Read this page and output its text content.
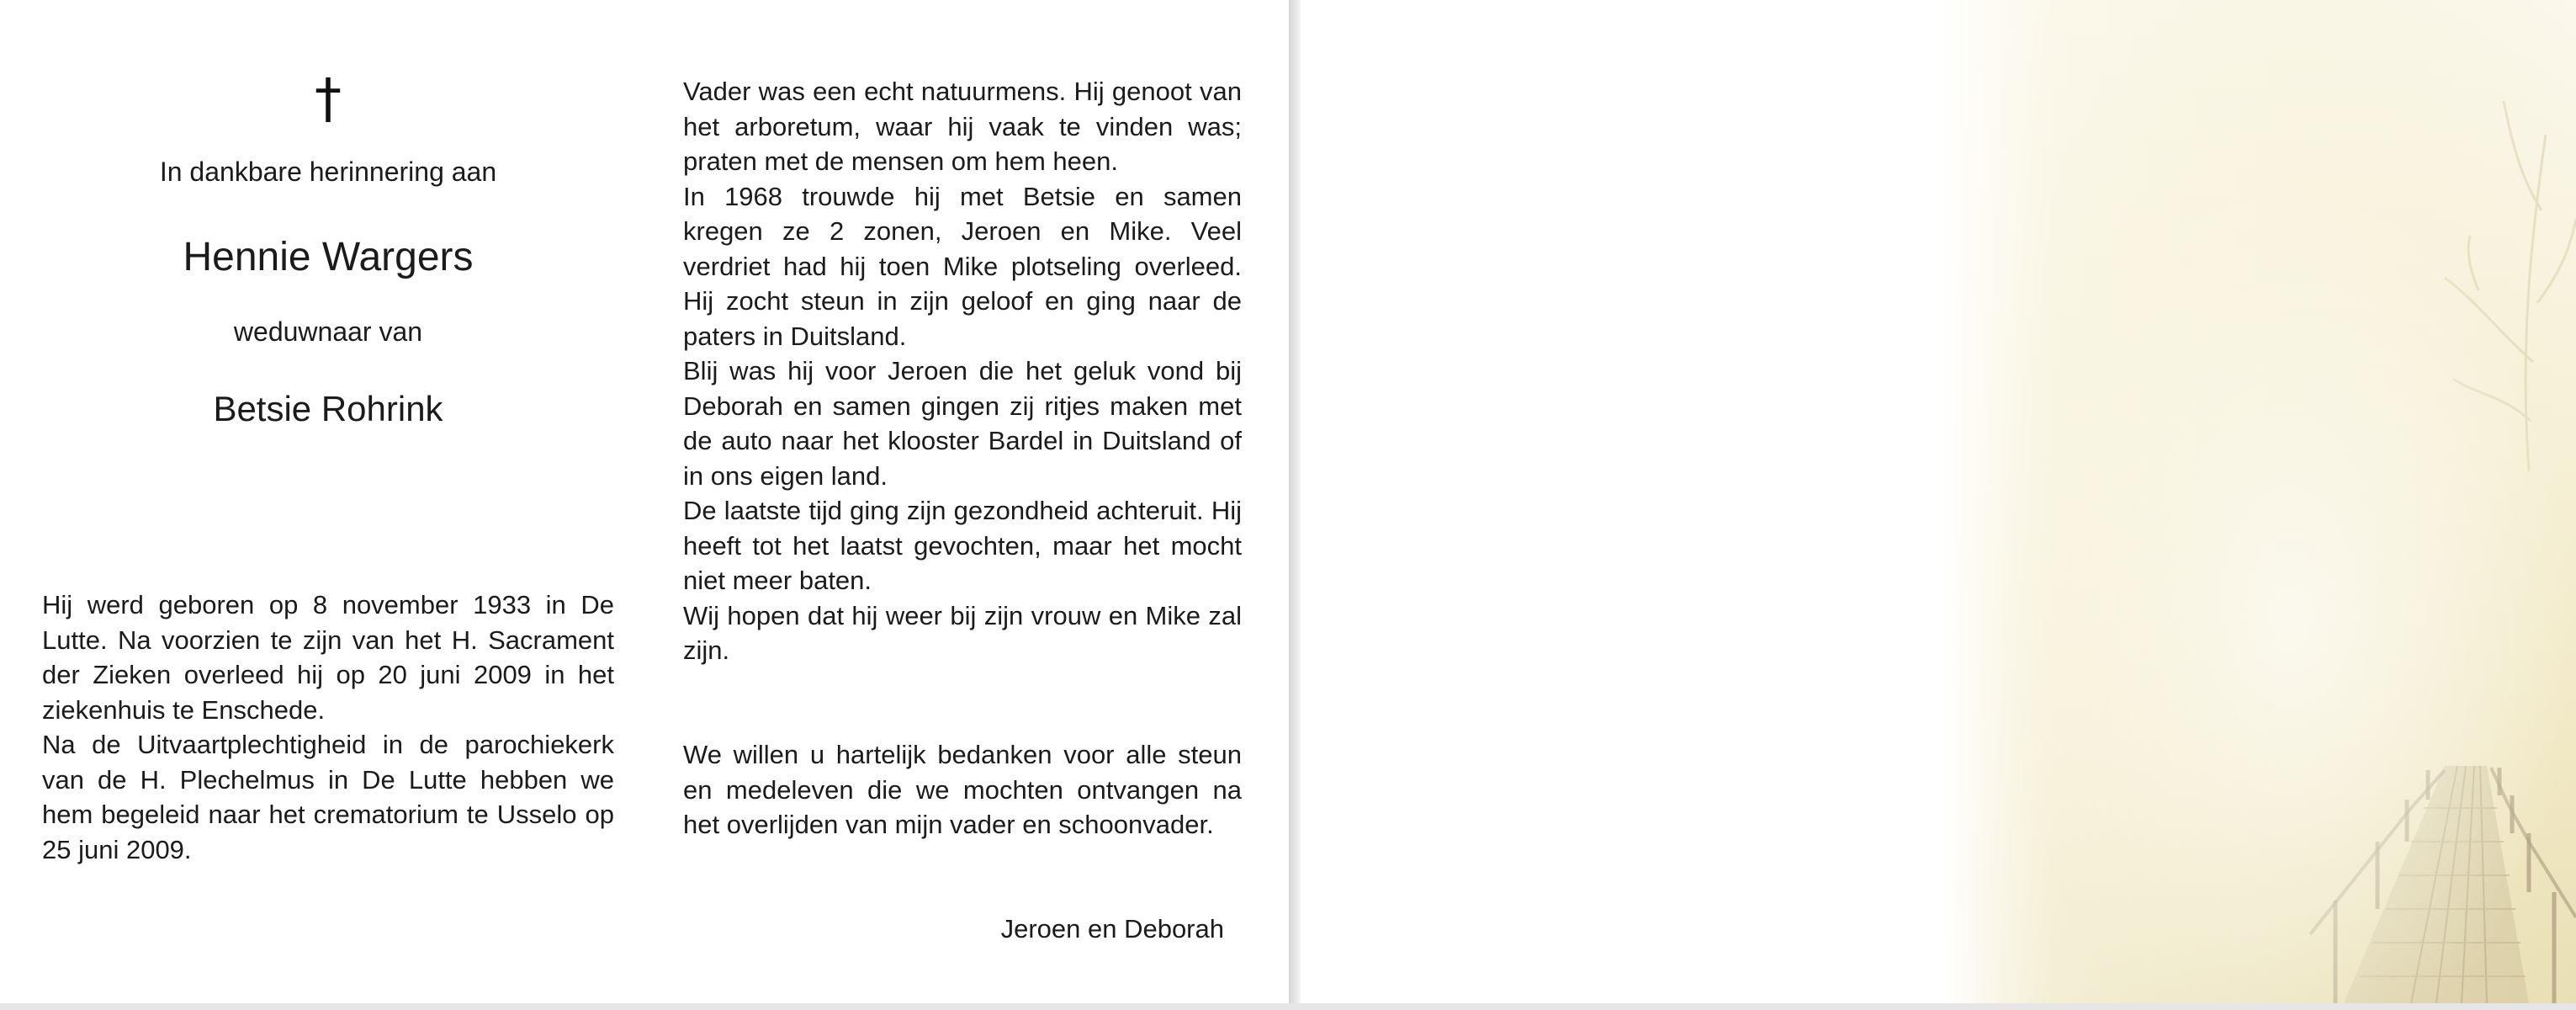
†
In dankbare herinnering aan
Hennie Wargers
weduwnaar van
Betsie Rohrink

Hij werd geboren op 8 november 1933 in De Lutte. Na voorzien te zijn van het H. Sacrament der Zieken overleed hij op 20 juni 2009 in het ziekenhuis te Enschede.

Na de Uitvaartplechtigheid in de parochiekerk van de H. Plechelmus in De Lutte hebben we hem begeleid naar het crematorium te Usselo op 25 juni 2009.

Vader was een echt natuurmens. Hij genoot van het arboretum, waar hij vaak te vinden was; praten met de mensen om hem heen.

In 1968 trouwde hij met Betsie en samen kregen ze 2 zonen, Jeroen en Mike. Veel verdriet had hij toen Mike plotseling overleed. Hij zocht steun in zijn geloof en ging naar de paters in Duitsland.

Blij was hij voor Jeroen die het geluk vond bij Deborah en samen gingen zij ritjes maken met de auto naar het klooster Bardel in Duitsland of in ons eigen land.

De laatste tijd ging zijn gezondheid achteruit. Hij heeft tot het laatst gevochten, maar het mocht niet meer baten.

Wij hopen dat hij weer bij zijn vrouw en Mike zal zijn.

We willen u hartelijk bedanken voor alle steun en medeleven die we mochten ontvangen na het overlijden van mijn vader en schoonvader.

Jeroen en Deborah
